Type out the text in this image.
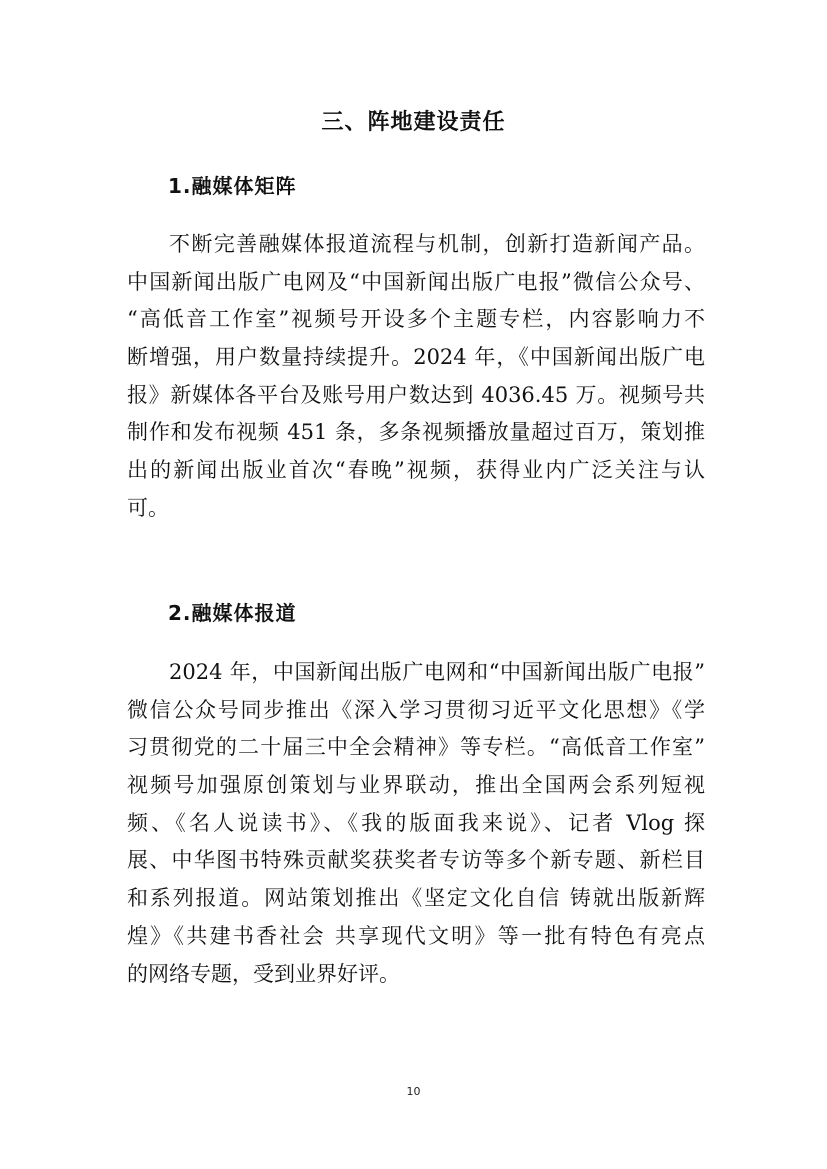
三、阵地建设责任
1.融媒体矩阵
不断完善融媒体报道流程与机制，创新打造新闻产品。
中国新闻出版广电网及“中国新闻出版广电报”微信公众号、
“高低音工作室”视频号开设多个主题专栏，内容影响力不
断增强，用户数量持续提升。2024 年，《中国新闻出版广电
报》新媒体各平台及账号用户数达到 4036.45 万。视频号共
制作和发布视频 451 条，多条视频播放量超过百万，策划推
出的新闻出版业首次“春晚”视频，获得业内广泛关注与认
可。
2.融媒体报道
2024 年，中国新闻出版广电网和“中国新闻出版广电报”
微信公众号同步推出《深入学习贯彻习近平文化思想》《学
习贯彻党的二十届三中全会精神》等专栏。“高低音工作室”
视频号加强原创策划与业界联动，推出全国两会系列短视
频、《名人说读书》、《我的版面我来说》、记者 Vlog 探
展、中华图书特殊贡献奖获奖者专访等多个新专题、新栏目
和系列报道。网站策划推出《坚定文化自信 铸就出版新辉
煌》《共建书香社会 共享现代文明》等一批有特色有亮点
的网络专题，受到业界好评。
10
